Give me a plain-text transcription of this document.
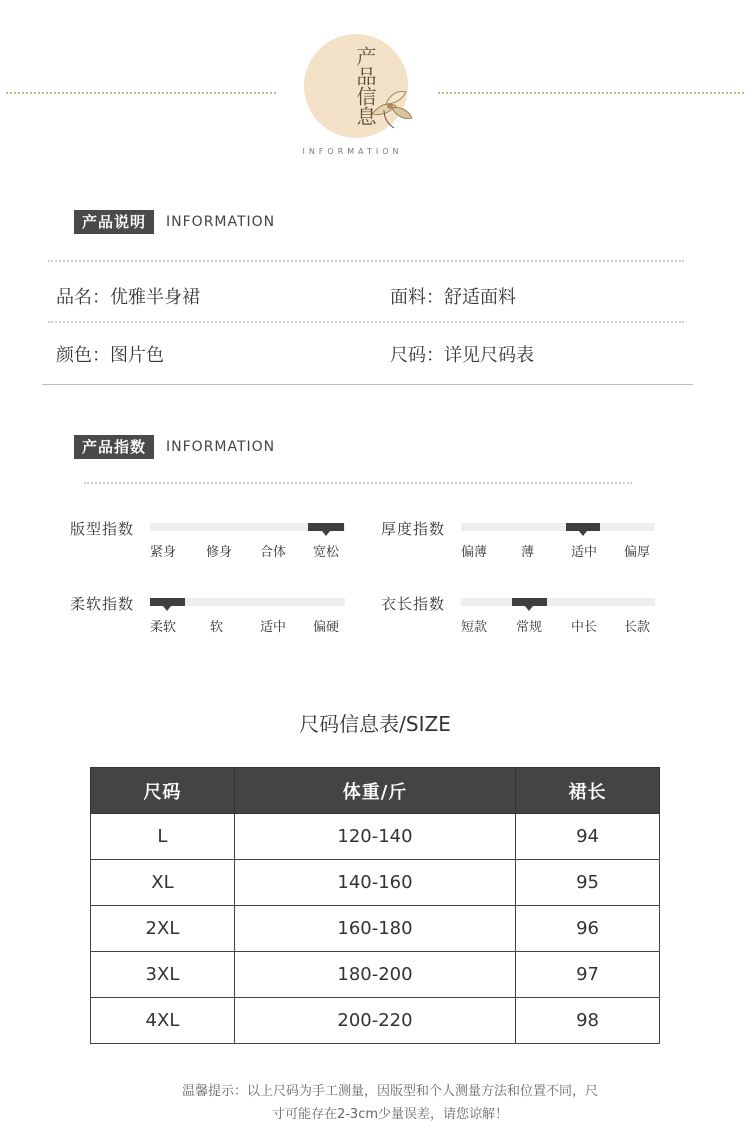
产品信息
INFORMATION
产品说明	INFORMATION
品名：优雅半身裙	面料：舒适面料
颜色：图片色	尺码：详见尺码表
产品指数	INFORMATION
版型指数
紧身 修身 合体 宽松
厚度指数
偏薄	薄	适中 偏厚
柔软指数
柔软	软	适中 偏硬
衣长指数
短款 常规 中长 长款
尺码信息表/SIZE
尺码	体重/斤	裙长
L	120-140	94
XL	140-160	95
2XL	160-180	96
3XL	180-200	97
4XL	200-220	98
温馨提示：以上尺码为手工测量，因版型和个人测量方法和位置不同，尺
寸可能存在2-3cm少量误差，请您谅解！
